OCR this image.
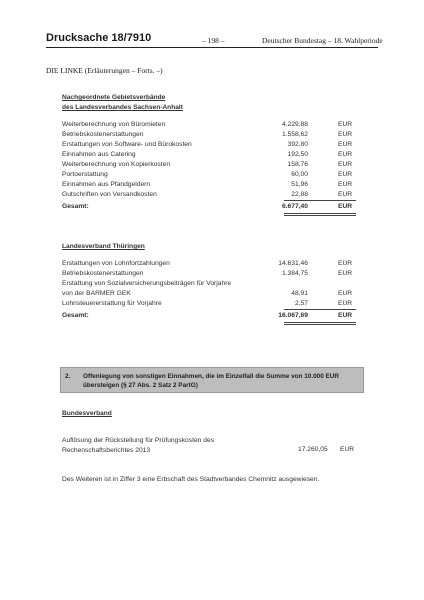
Drucksache 18/7910	– 198 –	Deutscher Bundestag – 18. Wahlperiode
DIE LINKE (Erläuterungen – Forts. –)
Nachgeordnete Gebietsverbände
des Landesverbandes Sachsen-Anhalt
Weiterberechnung von Büromieten	4.229,88	EUR
Betriebskostenerstattungen	1.558,62	EUR
Erstattungen von Software- und Bürokosten	392,80	EUR
Einnahmen aus Catering	192,50	EUR
Weiterberechnung von Kopierkosten	158,76	EUR
Portoerstattung	60,00	EUR
Einnahmen aus Pfandgeldern	51,96	EUR
Gutschriften von Versandkosten	22,88	EUR
Gesamt:	6.677,40	EUR
Landesverband Thüringen
Erstattungen von Lohnfortzahlungen	14.631,46	EUR
Betriebskostenerstattungen	1.384,75	EUR
Erstattung von Sozialversicherungsbeiträgen für Vorjahre
von der BARMER GEK	48,91	EUR
Lohnsteuererstattung für Vorjahre	2,57	EUR
Gesamt:	16.067,69	EUR
2. Offenlegung von sonstigen Einnahmen, die im Einzelfall die Summe von 10.000 EUR
übersteigen (§ 27 Abs. 2 Satz 2 PartG)
Bundesverband
Auflösung der Rückstellung für Prüfungskosten des
Rechenschaftsberichtes 2013	17.260,05 EUR
Des Weiteren ist in Ziffer 3 eine Erbschaft des Stadtverbandes Chemnitz ausgewiesen.
